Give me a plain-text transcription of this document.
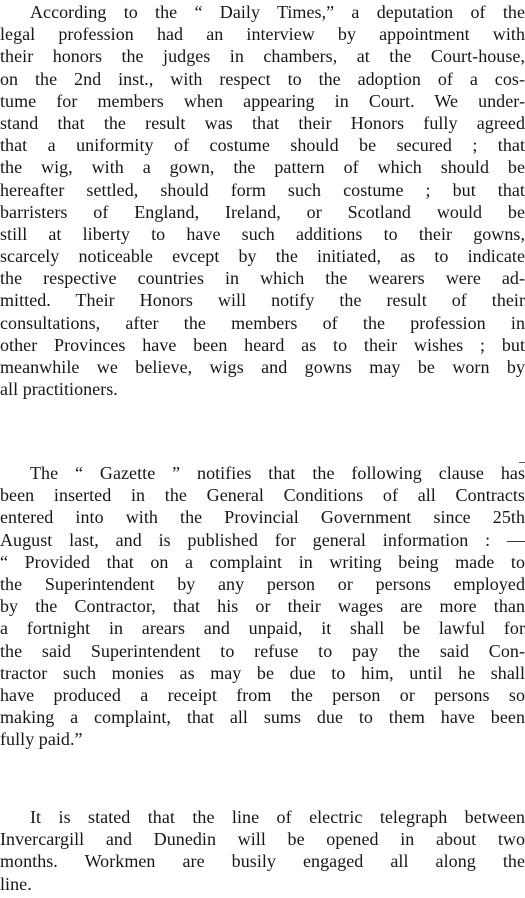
According to the “ Daily Times,” a deputation of the
legal profession had an interview by appointment with
their honors the judges in chambers, at the Court-house,
on the 2nd inst., with respect to the adoption of a cos-
tume for members when appearing in Court. We under-
stand that the result was that their Honors fully agreed
that a uniformity of costume should be secured ; that
the wig, with a gown, the pattern of which should be
hereafter settled, should form such costume ; but that
barristers of England, Ireland, or Scotland would be
still at liberty to have such additions to their gowns,
scarcely noticeable evcept by the initiated, as to indicate
the respective countries in which the wearers were ad-
mitted. Their Honors will notify the result of their
consultations, after the members of the profession in
other Provinces have been heard as to their wishes ; but
meanwhile we believe, wigs and gowns may be worn by
all practitioners.
The “ Gazette ” notifies that the following clause has
been inserted in the General Conditions of all Contracts
entered into with the Provincial Government since 25th
August last, and is published for general information : —
“ Provided that on a complaint in writing being made to
the Superintendent by any person or persons employed
by the Contractor, that his or their wages are more than
a fortnight in arears and unpaid, it shall be lawful for
the said Superintendent to refuse to pay the said Con-
tractor such monies as may be due to him, until he shall
have produced a receipt from the person or persons so
making a complaint, that all sums due to them have been
fully paid.”
It is stated that the line of electric telegraph between
Invercargill and Dunedin will be opened in about two
months. Workmen are busily engaged all along the
line.
